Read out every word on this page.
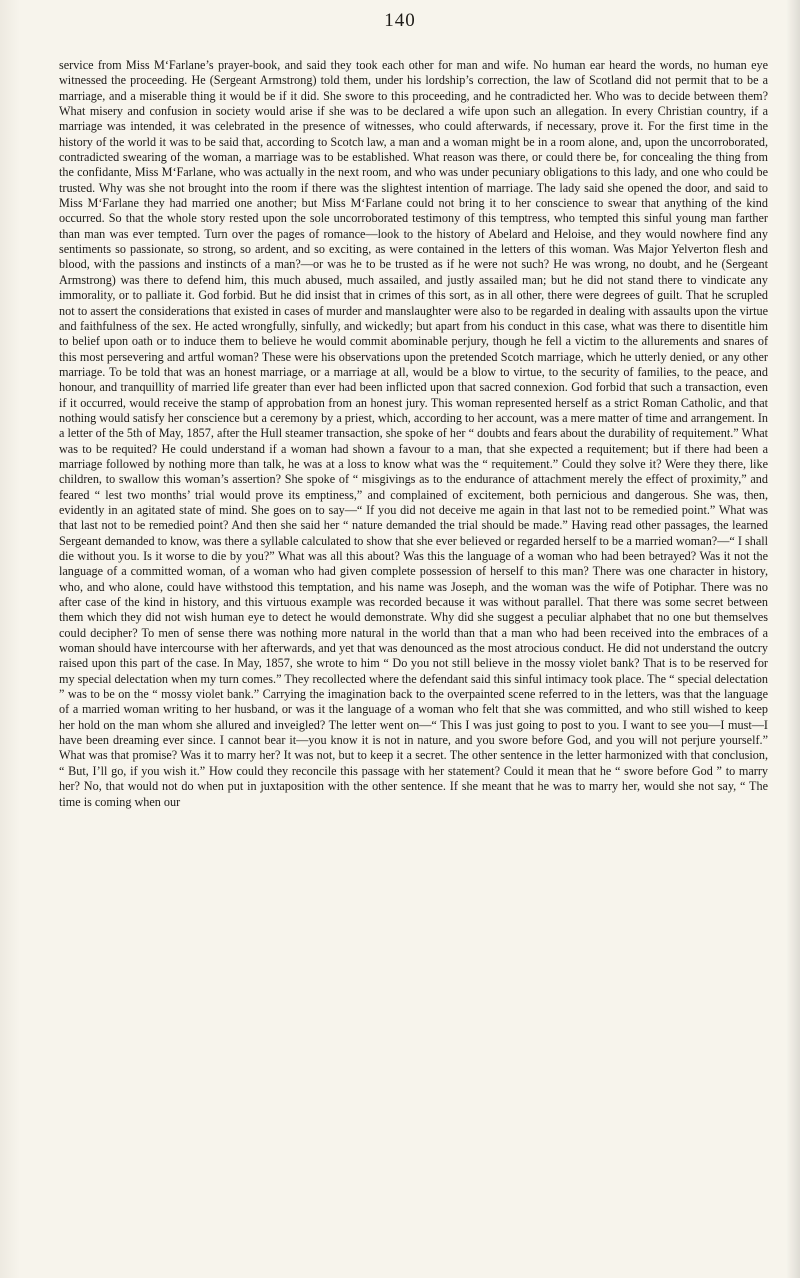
140

service from Miss M‘Farlane’s prayer-book, and said they took each other for man and wife. No human ear heard the words, no human eye witnessed the proceeding. He (Sergeant Armstrong) told them, under his lordship’s correction, the law of Scotland did not permit that to be a marriage, and a miserable thing it would be if it did. She swore to this proceeding, and he contradicted her. Who was to decide between them? What misery and confusion in society would arise if she was to be declared a wife upon such an allegation. In every Christian country, if a marriage was intended, it was celebrated in the presence of witnesses, who could afterwards, if necessary, prove it. For the first time in the history of the world it was to be said that, according to Scotch law, a man and a woman might be in a room alone, and, upon the uncorroborated, contradicted swearing of the woman, a marriage was to be established. What reason was there, or could there be, for concealing the thing from the confidante, Miss M‘Farlane, who was actually in the next room, and who was under pecuniary obligations to this lady, and one who could be trusted. Why was she not brought into the room if there was the slightest intention of marriage. The lady said she opened the door, and said to Miss M‘Farlane they had married one another; but Miss M‘Farlane could not bring it to her conscience to swear that anything of the kind occurred. So that the whole story rested upon the sole uncorroborated testimony of this temptress, who tempted this sinful young man farther than man was ever tempted. Turn over the pages of romance—look to the history of Abelard and Heloise, and they would nowhere find any sentiments so passionate, so strong, so ardent, and so exciting, as were contained in the letters of this woman. Was Major Yelverton flesh and blood, with the passions and instincts of a man?—or was he to be trusted as if he were not such? He was wrong, no doubt, and he (Sergeant Armstrong) was there to defend him, this much abused, much assailed, and justly assailed man; but he did not stand there to vindicate any immorality, or to palliate it. God forbid. But he did insist that in crimes of this sort, as in all other, there were degrees of guilt. That he scrupled not to assert the considerations that existed in cases of murder and manslaughter were also to be regarded in dealing with assaults upon the virtue and faithfulness of the sex. He acted wrongfully, sinfully, and wickedly; but apart from his conduct in this case, what was there to disentitle him to belief upon oath or to induce them to believe he would commit abominable perjury, though he fell a victim to the allurements and snares of this most persevering and artful woman? These were his observations upon the pretended Scotch marriage, which he utterly denied, or any other marriage. To be told that was an honest marriage, or a marriage at all, would be a blow to virtue, to the security of families, to the peace, and honour, and tranquillity of married life greater than ever had been inflicted upon that sacred connexion. God forbid that such a transaction, even if it occurred, would receive the stamp of approbation from an honest jury. This woman represented herself as a strict Roman Catholic, and that nothing would satisfy her conscience but a ceremony by a priest, which, according to her account, was a mere matter of time and arrangement. In a letter of the 5th of May, 1857, after the Hull steamer transaction, she spoke of her “ doubts and fears about the durability of requitement.” What was to be requited? He could understand if a woman had shown a favour to a man, that she expected a requitement; but if there had been a marriage followed by nothing more than talk, he was at a loss to know what was the “ requitement.” Could they solve it? Were they there, like children, to swallow this woman’s assertion? She spoke of “ misgivings as to the endurance of attachment merely the effect of proximity,” and feared “ lest two months’ trial would prove its emptiness,” and complained of excitement, both pernicious and dangerous. She was, then, evidently in an agitated state of mind. She goes on to say—“ If you did not deceive me again in that last not to be remedied point.” What was that last not to be remedied point? And then she said her “ nature demanded the trial should be made.” Having read other passages, the learned Sergeant demanded to know, was there a syllable calculated to show that she ever believed or regarded herself to be a married woman?—“ I shall die without you. Is it worse to die by you?” What was all this about? Was this the language of a woman who had been betrayed? Was it not the language of a committed woman, of a woman who had given complete possession of herself to this man? There was one character in history, who, and who alone, could have withstood this temptation, and his name was Joseph, and the woman was the wife of Potiphar. There was no after case of the kind in history, and this virtuous example was recorded because it was without parallel. That there was some secret between them which they did not wish human eye to detect he would demonstrate. Why did she suggest a peculiar alphabet that no one but themselves could decipher? To men of sense there was nothing more natural in the world than that a man who had been received into the embraces of a woman should have intercourse with her afterwards, and yet that was denounced as the most atrocious conduct. He did not understand the outcry raised upon this part of the case. In May, 1857, she wrote to him “ Do you not still believe in the mossy violet bank? That is to be reserved for my special delectation when my turn comes.” They recollected where the defendant said this sinful intimacy took place. The “ special delectation ” was to be on the “ mossy violet bank.” Carrying the imagination back to the overpainted scene referred to in the letters, was that the language of a married woman writing to her husband, or was it the language of a woman who felt that she was committed, and who still wished to keep her hold on the man whom she allured and inveigled? The letter went on—“ This I was just going to post to you. I want to see you—I must—I have been dreaming ever since. I cannot bear it—you know it is not in nature, and you swore before God, and you will not perjure yourself.” What was that promise? Was it to marry her? It was not, but to keep it a secret. The other sentence in the letter harmonized with that conclusion, “ But, I’ll go, if you wish it.” How could they reconcile this passage with her statement? Could it mean that he “ swore before God ” to marry her? No, that would not do when put in juxtaposition with the other sentence. If she meant that he was to marry her, would she not say, “ The time is coming when our
